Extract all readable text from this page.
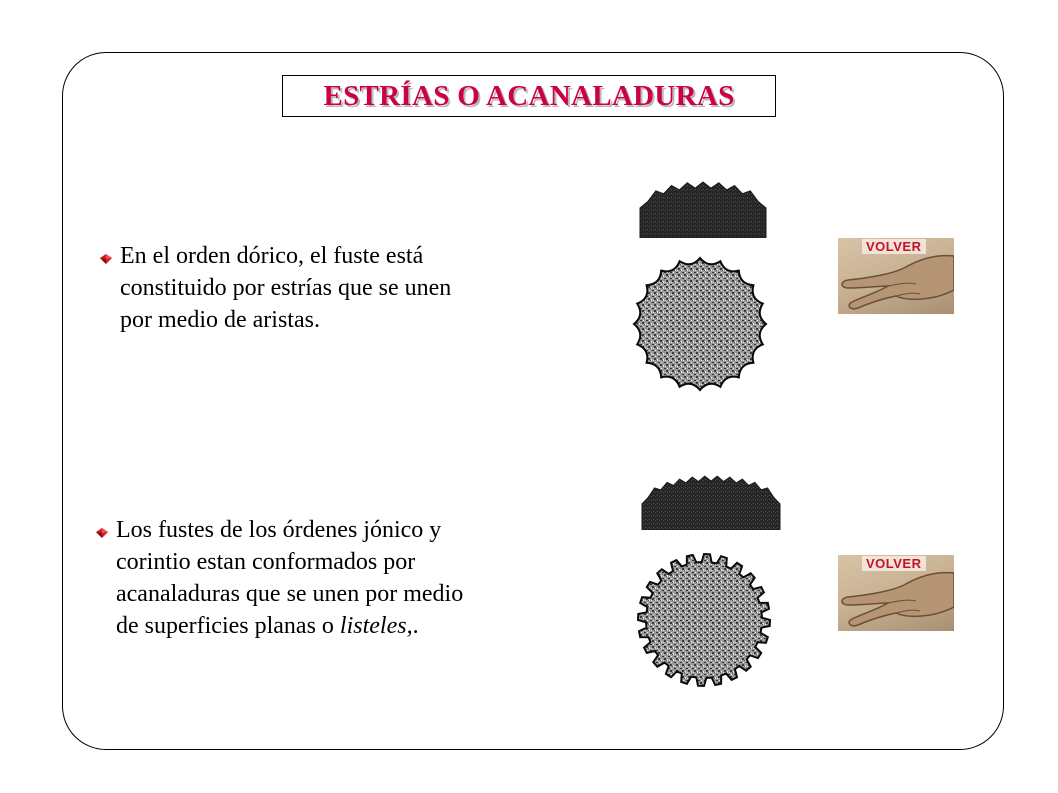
ESTRÍAS O ACANALADURAS

En el orden dórico, el fuste está
constituido por estrías que se unen
por medio de aristas.

Los fustes de los órdenes jónico y
corintio estan conformados por
acanaladuras que se unen por medio
de superficies planas o listeles,.

VOLVER
VOLVER
